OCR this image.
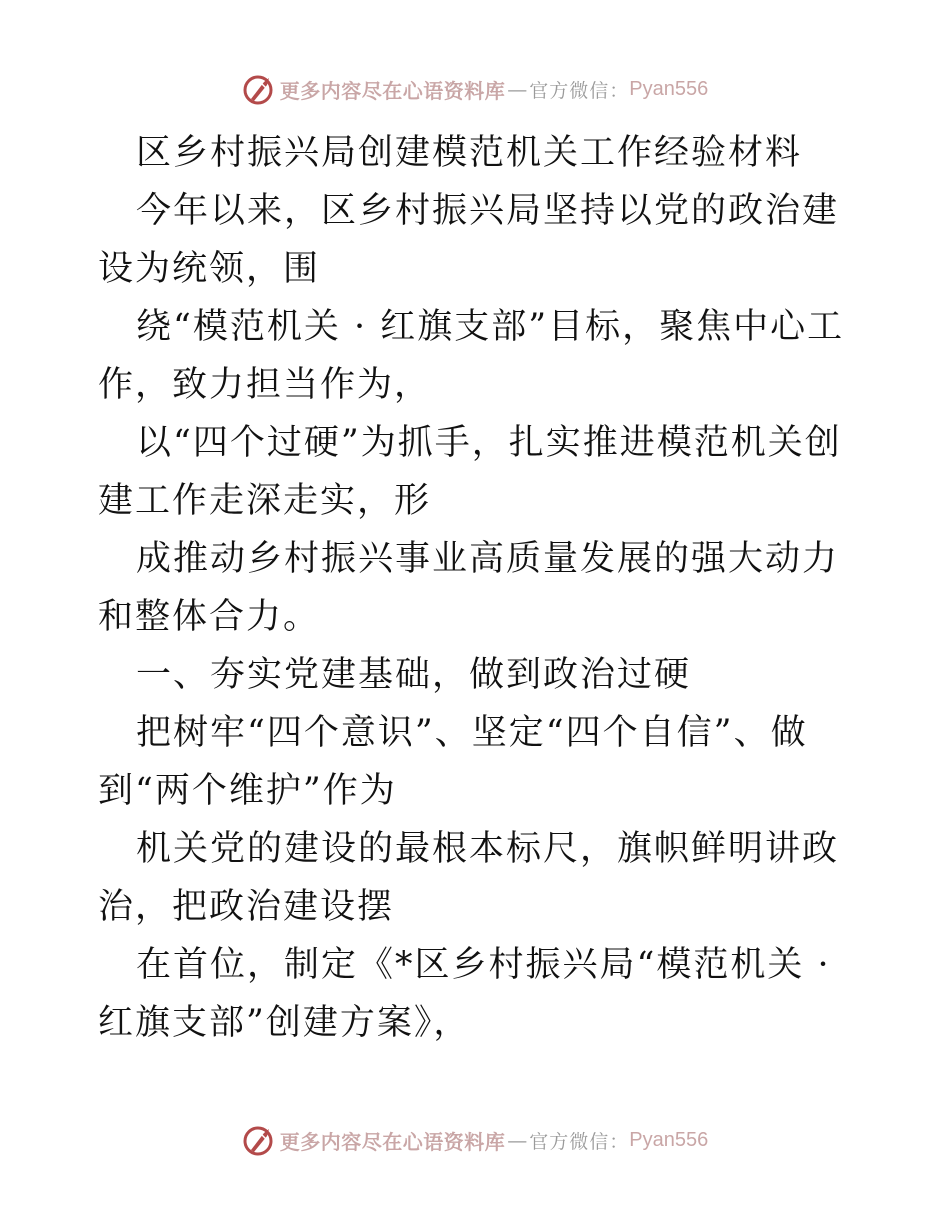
更多内容尽在心语资料库 — 官方微信： Pyan556

区乡村振兴局创建模范机关工作经验材料

今年以来，区乡村振兴局坚持以党的政治建设为统领，围

绕“模范机关 · 红旗支部”目标，聚焦中心工作，致力担当作为，

以“四个过硬”为抓手，扎实推进模范机关创建工作走深走实，形

成推动乡村振兴事业高质量发展的强大动力和整体合力。

一、夯实党建基础，做到政治过硬

把树牢“四个意识”、坚定“四个自信”、做到“两个维护”作为

机关党的建设的最根本标尺，旗帜鲜明讲政治，把政治建设摆

在首位，制定《*区乡村振兴局“模范机关 · 红旗支部”创建方案》，

更多内容尽在心语资料库 — 官方微信： Pyan556
